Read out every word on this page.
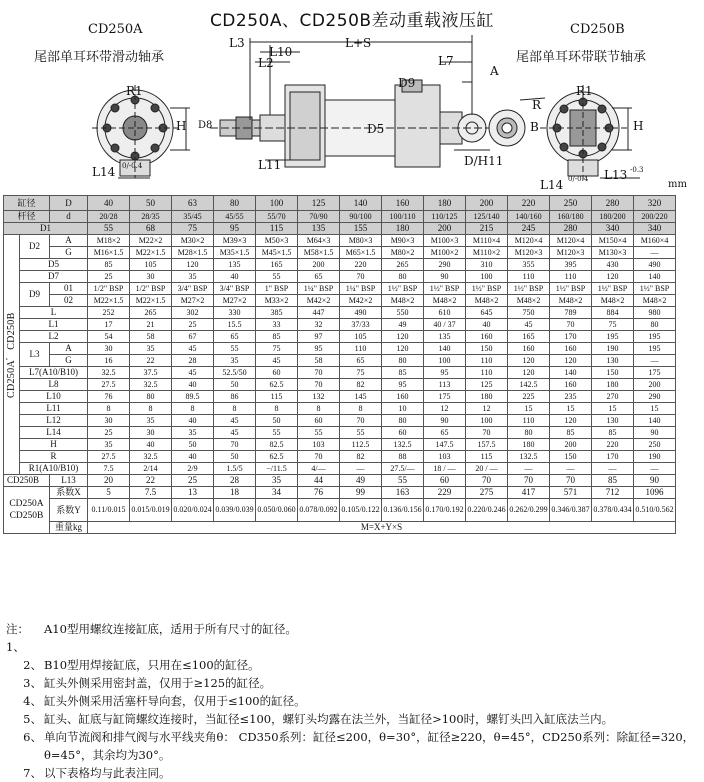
CD250A、CD250B差动重载液压缸
CD250A
尾部单耳环带滑动轴承
CD250B
尾部单耳环带联节轴承
mm
L3
L10
L+S
L2	L7
A
R1
D9
H D8	D5
R
B	H
R1
L11
L14 0/-0.4	D/H11
L14 0/-0.4 L13 -0.3
缸径		D	40	50	63	80	100	125	140	160	180	200	220	250	280	320
杆径		d	20/28	28/35	35/45	45/55	55/70	70/90	90/100	100/110	110/125	125/140	140/160	160/180	180/200	200/220
D1			55	68	75	95	115	135	155	180	200	215	245	280	340	340
CD250A、CD250B	D2	A	M18×2	M22×2	M30×2	M39×3	M50×3	M64×3	M80×3	M90×3	M100×3	M110×4	M120×4	M120×4	M150×4	M160×4
		G	M16×1.5	M22×1.5	M28×1.5	M35×1.5	M45×1.5	M58×1.5	M65×1.5	M80×2	M100×2	M110×2	M120×3	M120×3	M130×3	—
	D5		85	105	120	135	165	200	220	265	290	310	355	395	430	490
	D7		25	30	35	40	55	65	70	80	90	100	110	110	120	140
	D9	01	1/2" BSP	1/2" BSP	3/4" BSP	3/4" BSP	1" BSP	1¼" BSP	1¼" BSP	1½" BSP	1½" BSP	1½" BSP	1½" BSP	1½" BSP	1½" BSP	1½" BSP
		02	M22×1.5	M22×1.5	M27×2	M27×2	M33×2	M42×2	M42×2	M48×2	M48×2	M48×2	M48×2	M48×2	M48×2	M48×2
	L		252	265	302	330	385	447	490	550	610	645	750	789	884	980
	L1		17	21	25	15.5	33	32	37/33	49	40 / 37	40	45	70	75	80
	L2		54	58	67	65	85	97	105	120	135	160	165	170	195	195
	L3	A	30	35	45	55	75	95	110	120	140	150	160	160	190	195
		G	16	22	28	35	45	58	65	80	100	110	120	120	130	—
	L7(A10/B10)		32.5	37.5	45	52.5/50	60	70	75	85	95	110	120	140	150	175
	L8		27.5	32.5	40	50	62.5	70	82	95	113	125	142.5	160	180	200
	L10		76	80	89.5	86	115	132	145	160	175	180	225	235	270	290
	L11		8	8	8	8	8	8	8	10	12	12	15	15	15	15
	L12		30	35	40	45	50	60	70	80	90	100	110	120	130	140
	L14		25	30	35	45	55	55	55	60	65	70	80	85	85	90
	H		35	40	50	70	82.5	103	112.5	132.5	147.5	157.5	180	200	220	250
	R		27.5	32.5	40	50	62.5	70	82	88	103	115	132.5	150	170	190
	R1(A10/B10)		7.5	2/14	2/9	1.5/5	−/11.5	4/—	—	27.5/—	18 / —	20 / —	—	—	—	—
CD250B		L13	20	22	25	28	35	44	49	55	60	70	70	70	85	90
CD250A
CD250B		系数X	5	7.5	13	18	34	76	99	163	229	275	417	571	712	1096
		系数Y	0.11/0.015	0.015/0.019	0.020/0.024	0.039/0.039	0.050/0.060	0.078/0.092	0.105/0.122	0.136/0.156	0.170/0.192	0.220/0.246	0.262/0.299	0.346/0.387	0.378/0.434	0.510/0.562
		重量kg	M=X+Y×S													
注：1、
A10型用螺纹连接缸底，适用于所有尺寸的缸径。
2、 B10型用焊接缸底，只用在≤100的缸径。
3、 缸头外侧采用密封盖，仅用于≥125的缸径。
4、 缸头外侧采用活塞杆导向套，仅用于≤100的缸径。
5、 缸头、缸底与缸筒螺纹连接时，当缸径≤100，螺钉头均露在法兰外，当缸径>100时，螺钉头凹入缸底法兰内。
6、 单向节流阀和排气阀与水平线夹角θ： CD350系列：缸径≤200，θ=30°，缸径≥220，θ=45°，CD250系列：除缸径=320，θ=45°，其余均为30°。
7、 以下表格均与此表注同。
